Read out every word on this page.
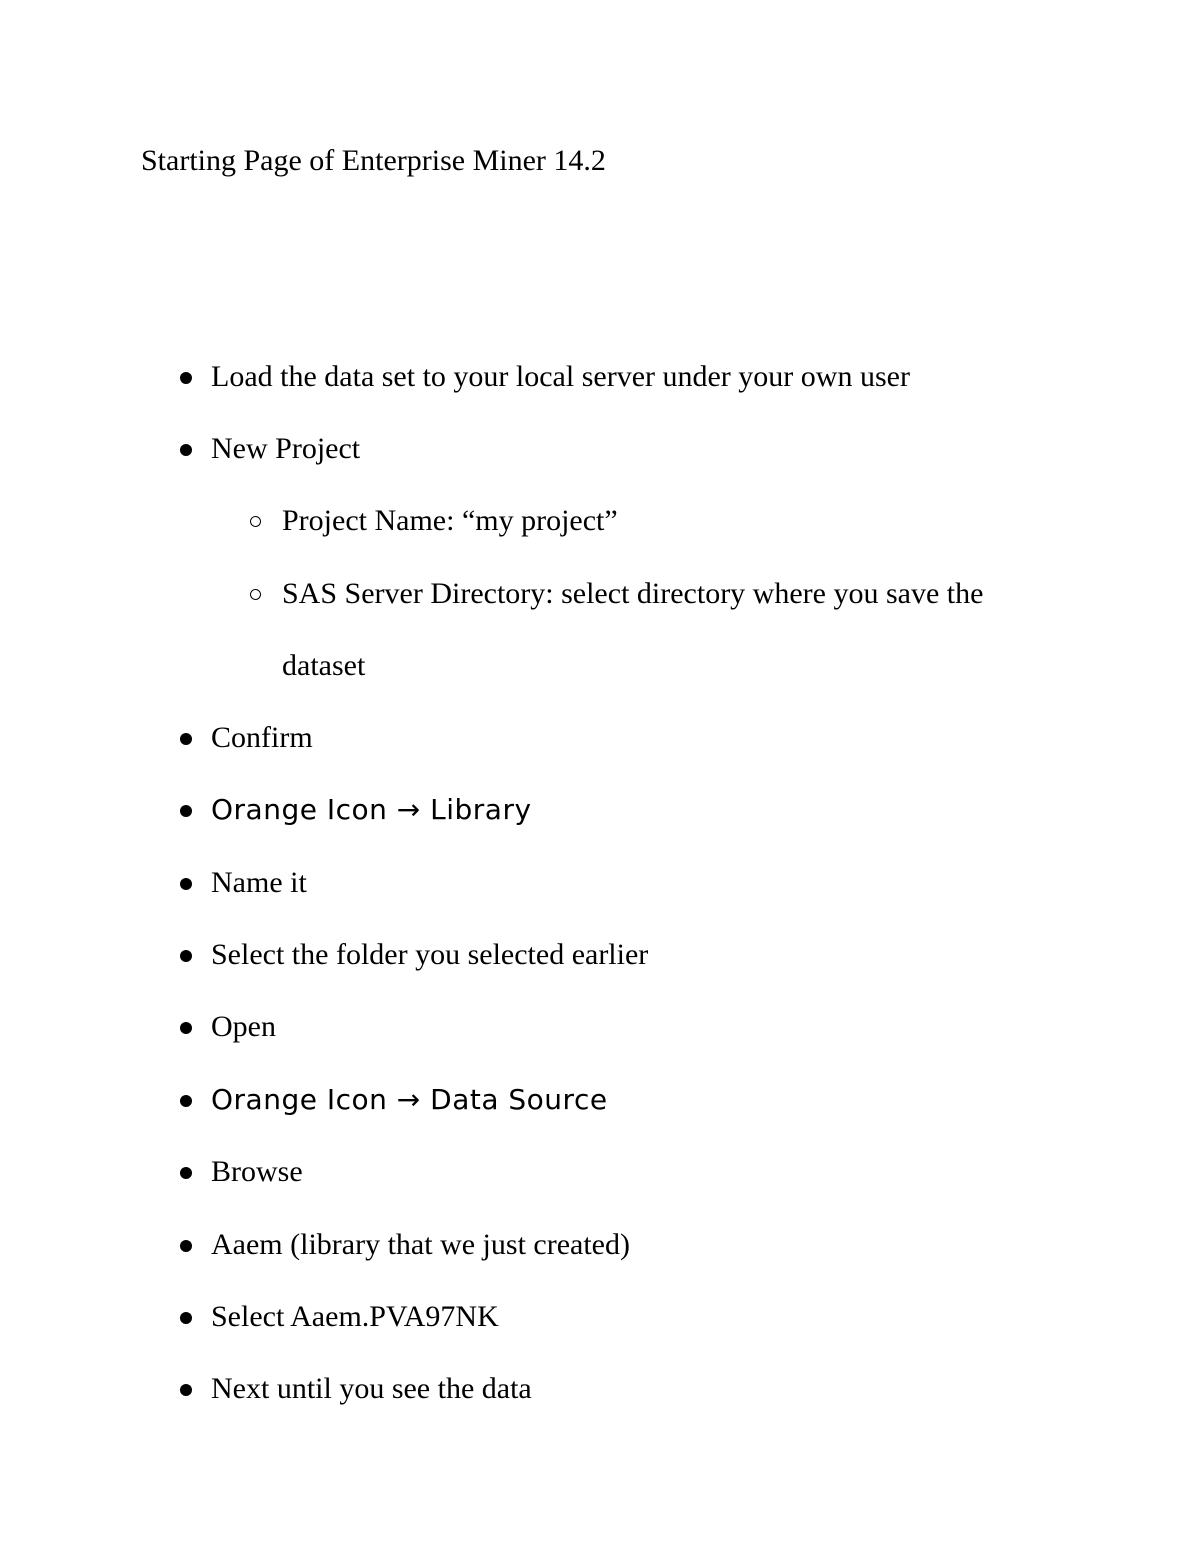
Starting Page of Enterprise Miner 14.2
Load the data set to your local server under your own user
New Project
Project Name: “my project”
SAS Server Directory: select directory where you save the
dataset
Confirm
Orange Icon → Library
Name it
Select the folder you selected earlier
Open
Orange Icon → Data Source
Browse
Aaem (library that we just created)
Select Aaem.PVA97NK
Next until you see the data
